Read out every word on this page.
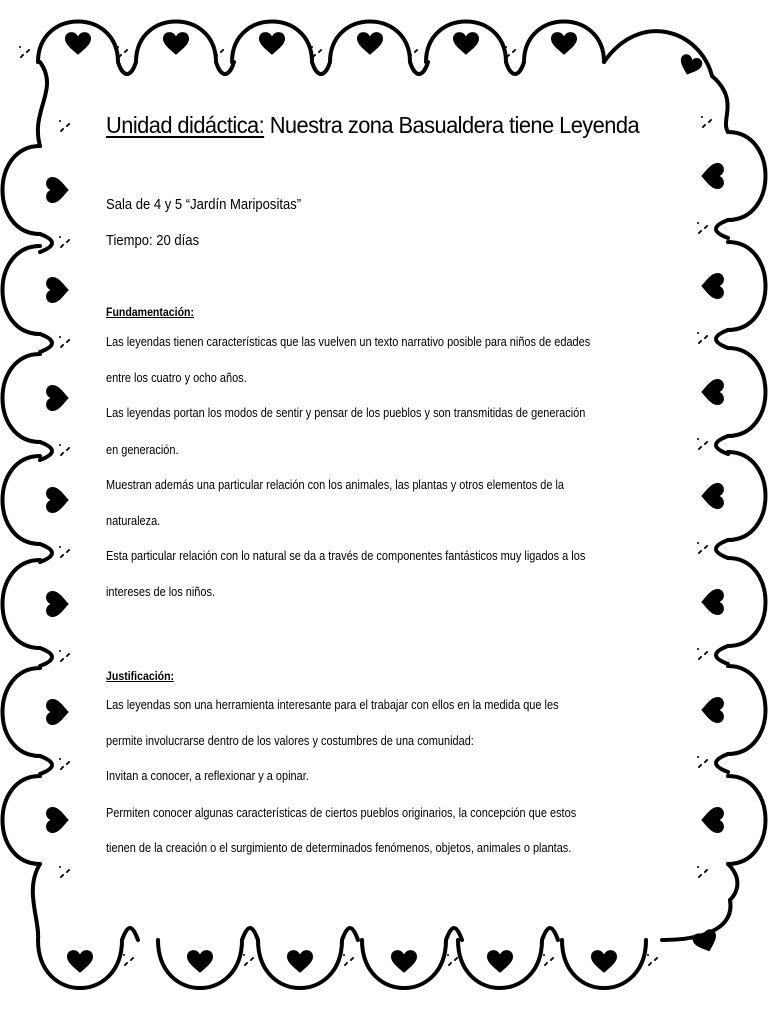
Unidad didáctica: Nuestra zona Basualdera tiene Leyenda
Sala de 4 y 5 “Jardín Maripositas”
Tiempo: 20 días
Fundamentación:
Las leyendas tienen características que las vuelven un texto narrativo posible para niños de edades
entre los cuatro y ocho años.
Las leyendas portan los modos de sentir y pensar de los pueblos y son transmitidas de generación
en generación.
Muestran además una particular relación con los animales, las plantas y otros elementos de la
naturaleza.
Esta particular relación con lo natural se da a través de componentes fantásticos muy ligados a los
intereses de los niños.
Justificación:
Las leyendas son una herramienta interesante para el trabajar con ellos en la medida que les
permite involucrarse dentro de los valores y costumbres de una comunidad:
Invitan a conocer, a reflexionar y a opinar.
Permiten conocer algunas características de ciertos pueblos originarios, la concepción que estos
tienen de la creación o el surgimiento de determinados fenómenos, objetos, animales o plantas.
